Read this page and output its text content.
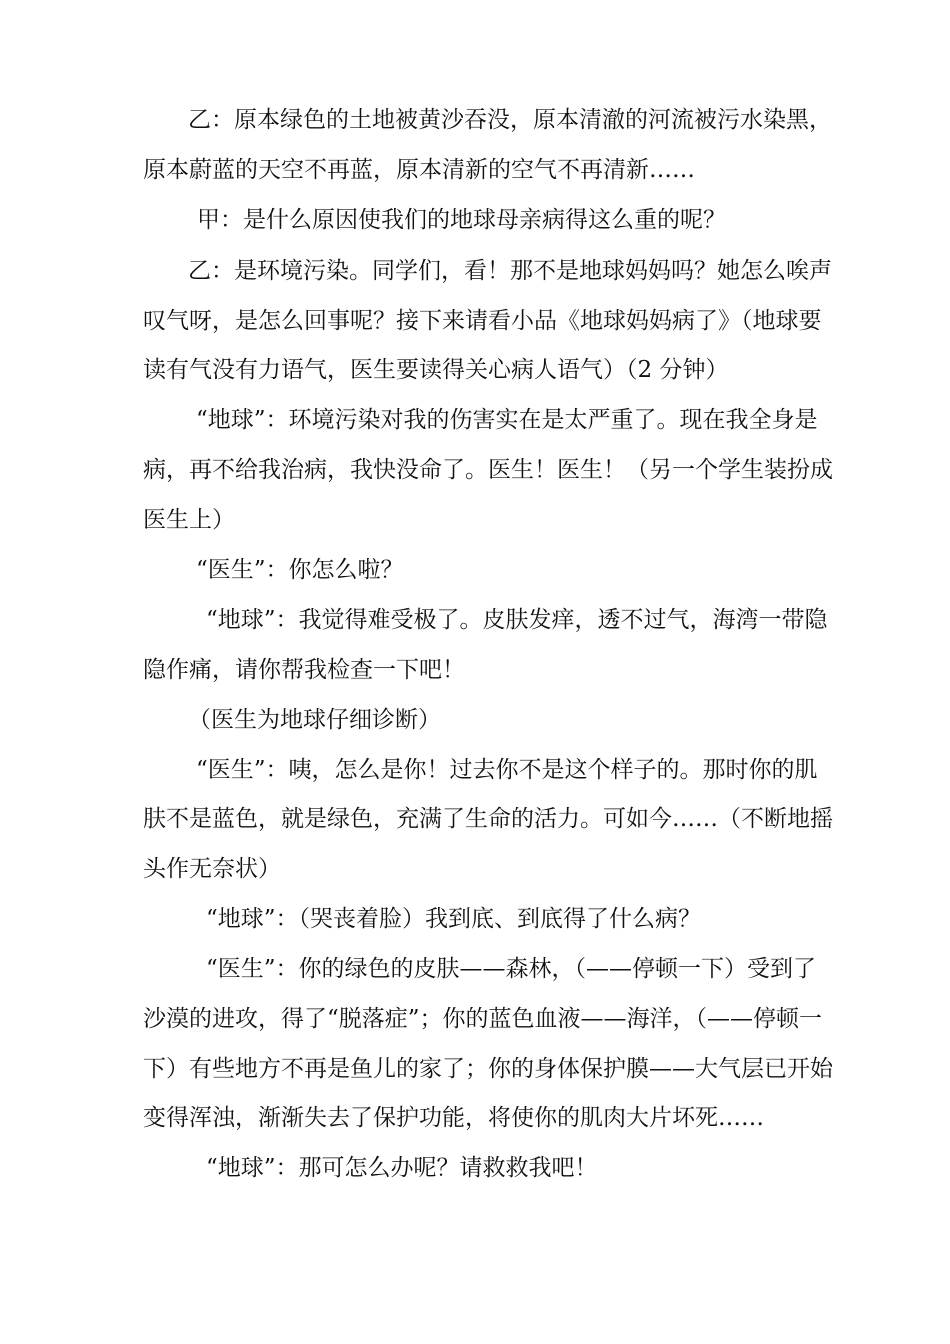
乙：原本绿色的土地被黄沙吞没，原本清澈的河流被污水染黑，
原本蔚蓝的天空不再蓝，原本清新的空气不再清新……
甲：是什么原因使我们的地球母亲病得这么重的呢？
乙：是环境污染。同学们，看！那不是地球妈妈吗？她怎么唉声
叹气呀，是怎么回事呢？接下来请看小品《地球妈妈病了》（地球要
读有气没有力语气，医生要读得关心病人语气）（2 分钟）
“地球”：环境污染对我的伤害实在是太严重了。现在我全身是
病，再不给我治病，我快没命了。医生！医生！（另一个学生装扮成
医生上）
“医生”：你怎么啦？
“地球”：我觉得难受极了。皮肤发痒，透不过气，海湾一带隐
隐作痛，请你帮我检查一下吧！
（医生为地球仔细诊断）
“医生”：咦，怎么是你！过去你不是这个样子的。那时你的肌
肤不是蓝色，就是绿色，充满了生命的活力。可如今……（不断地摇
头作无奈状）
“地球”：（哭丧着脸）我到底、到底得了什么病？
“医生”：你的绿色的皮肤——森林，（——停顿一下）受到了
沙漠的进攻，得了“脱落症”；你的蓝色血液——海洋，（——停顿一
下）有些地方不再是鱼儿的家了；你的身体保护膜——大气层已开始
变得浑浊，渐渐失去了保护功能，将使你的肌肉大片坏死……
“地球”：那可怎么办呢？请救救我吧！
